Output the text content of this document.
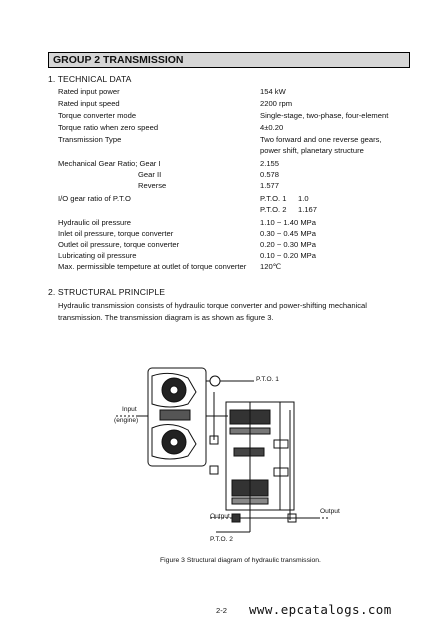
GROUP 2 TRANSMISSION
1. TECHNICAL DATA
Rated input power	154 kW
Rated input speed	2200 rpm
Torque converter mode	Single-stage, two-phase, four-element
Torque ratio when zero speed	4±0.20
Transmission Type	Two forward and one reverse gears,
power shift, planetary structure
Mechanical Gear Ratio; Gear I	2.155
Gear II	0.578
Reverse	1.577
I/O gear ratio of P.T.O	P.T.O. 1 1.0
P.T.O. 2 1.167
Hydraulic oil pressure	1.10 ~ 1.40 MPa
Inlet oil pressure, torque converter	0.30 ~ 0.45 MPa
Outlet oil pressure, torque converter	0.20 ~ 0.30 MPa
Lubricating oil pressure	0.10 ~ 0.20 MPa
Max. permissible tempeture at outlet of torque converter 120℃
2. STRUCTURAL PRINCIPLE
Hydraulic transmission consists of hydraulic torque converter and power-shifting mechanical
transmission. The transmission diagram is as shown as figure 3.
P.T.O. 1
Input
(engine)
Output
Output
P.T.O. 2
Figure 3 Structural diagram of hydraulic transmission.
2-2 www.epcatalogs.com
